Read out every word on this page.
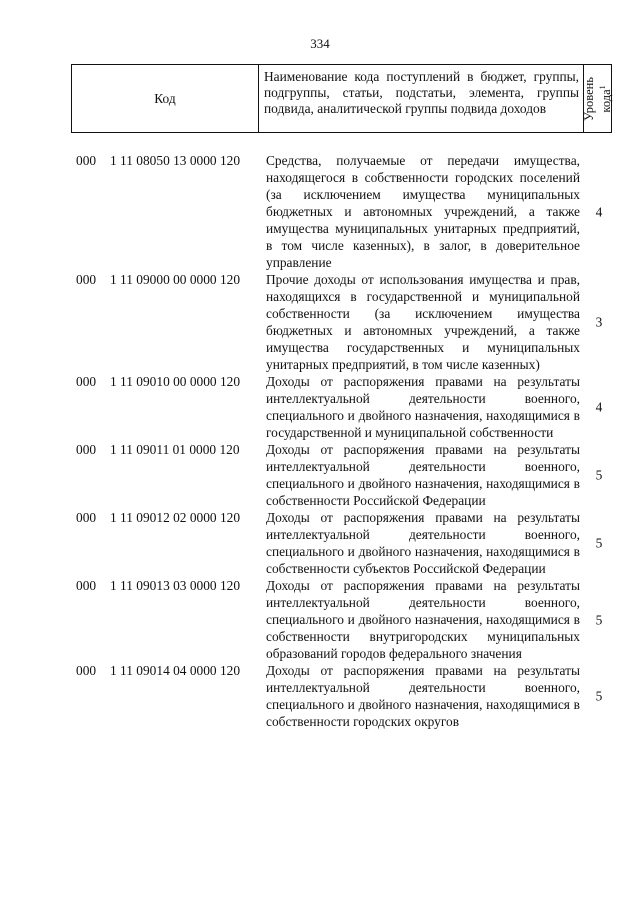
334
Код
Наименование кода поступлений в бюджет, группы, подгруппы, статьи, подстатьи, элемента, группы подвида, аналитической группы подвида доходов	Уровень кода$^1$
000 1 11 08050 13 0000 120 Средства, получаемые от передачи имущества, находящегося в собственности городских поселений (за исключением имущества муниципальных бюджетных и автономных учреждений, а также имущества муниципальных унитарных предприятий, в том числе казенных), в залог, в доверительное управление
4
000 1 11 09000 00 0000 120 Прочие доходы от использования имущества и прав, находящихся в государственной и муниципальной собственности (за исключением имущества бюджетных и автономных учреждений, а также имущества государственных и муниципальных унитарных предприятий, в том числе казенных)
3
000 1 11 09010 00 0000 120 Доходы от распоряжения правами на результаты интеллектуальной деятельности военного, специального и двойного назначения, находящимися в государственной и муниципальной собственности
4
000 1 11 09011 01 0000 120 Доходы от распоряжения правами на результаты интеллектуальной деятельности военного, специального и двойного назначения, находящимися в собственности Российской Федерации
5
000 1 11 09012 02 0000 120 Доходы от распоряжения правами на результаты интеллектуальной деятельности военного, специального и двойного назначения, находящимися в собственности субъектов Российской Федерации
5
000 1 11 09013 03 0000 120 Доходы от распоряжения правами на результаты интеллектуальной деятельности военного, специального и двойного назначения, находящимися в собственности внутригородских муниципальных образований городов федерального значения
5
000 1 11 09014 04 0000 120 Доходы от распоряжения правами на результаты интеллектуальной деятельности военного, специального и двойного назначения, находящимися в собственности городских округов
5
